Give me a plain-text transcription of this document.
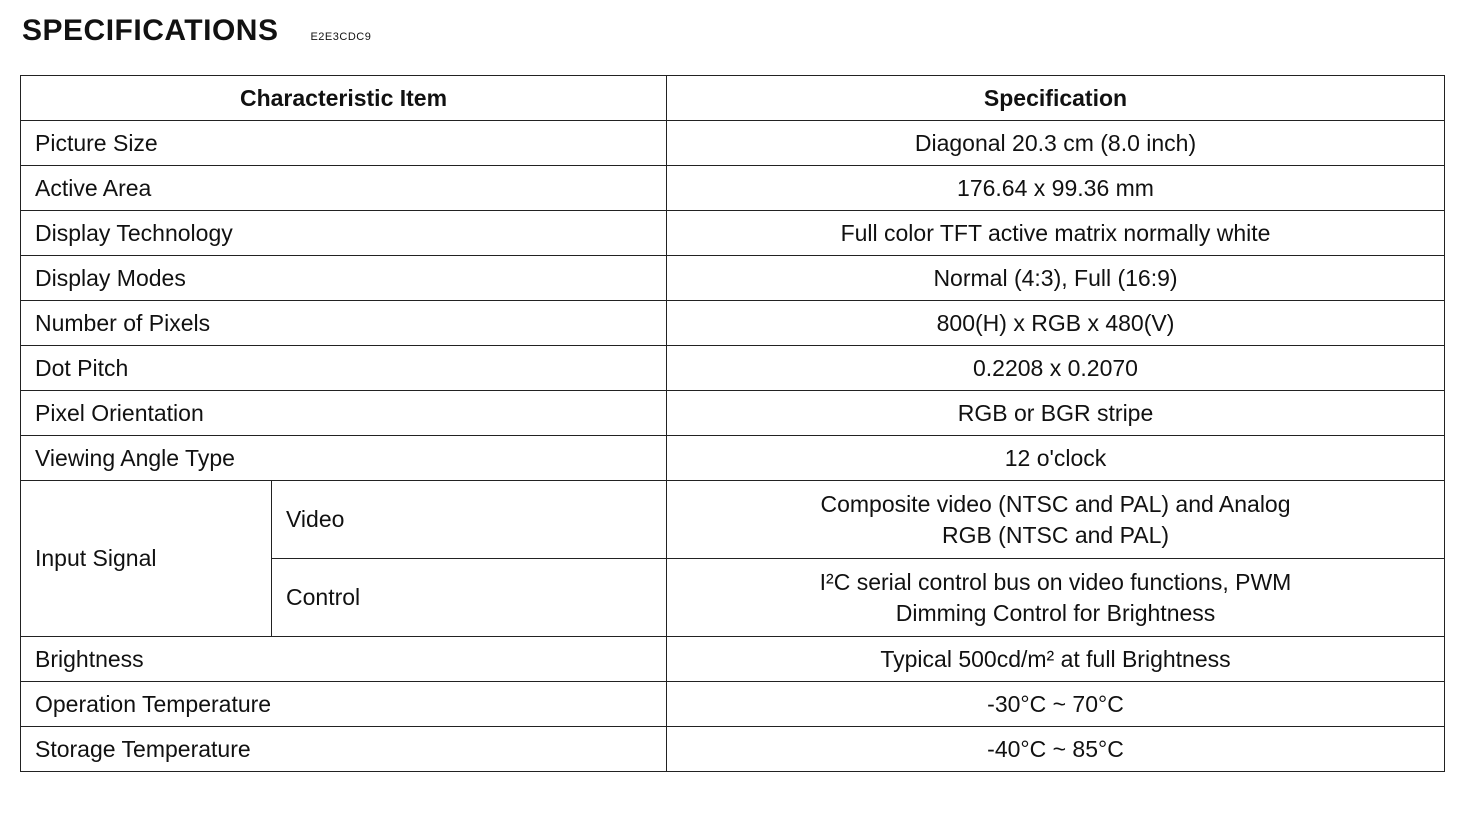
SPECIFICATIONS	E2E3CDC9
Characteristic Item		Specification
Picture Size		Diagonal 20.3 cm (8.0 inch)
Active Area		176.64 x 99.36 mm
Display Technology		Full color TFT active matrix normally white
Display Modes		Normal (4:3), Full (16:9)
Number of Pixels		800(H) x RGB x 480(V)
Dot Pitch		0.2208 x 0.2070
Pixel Orientation		RGB or BGR stripe
Viewing Angle Type		12 o'clock
Input Signal	Video	Composite video (NTSC and PAL) and Analog
RGB (NTSC and PAL)
	Control	I²C serial control bus on video functions, PWM
Dimming Control for Brightness
Brightness		Typical 500cd/m² at full Brightness
Operation Temperature		-30°C ~ 70°C
Storage Temperature		-40°C ~ 85°C
